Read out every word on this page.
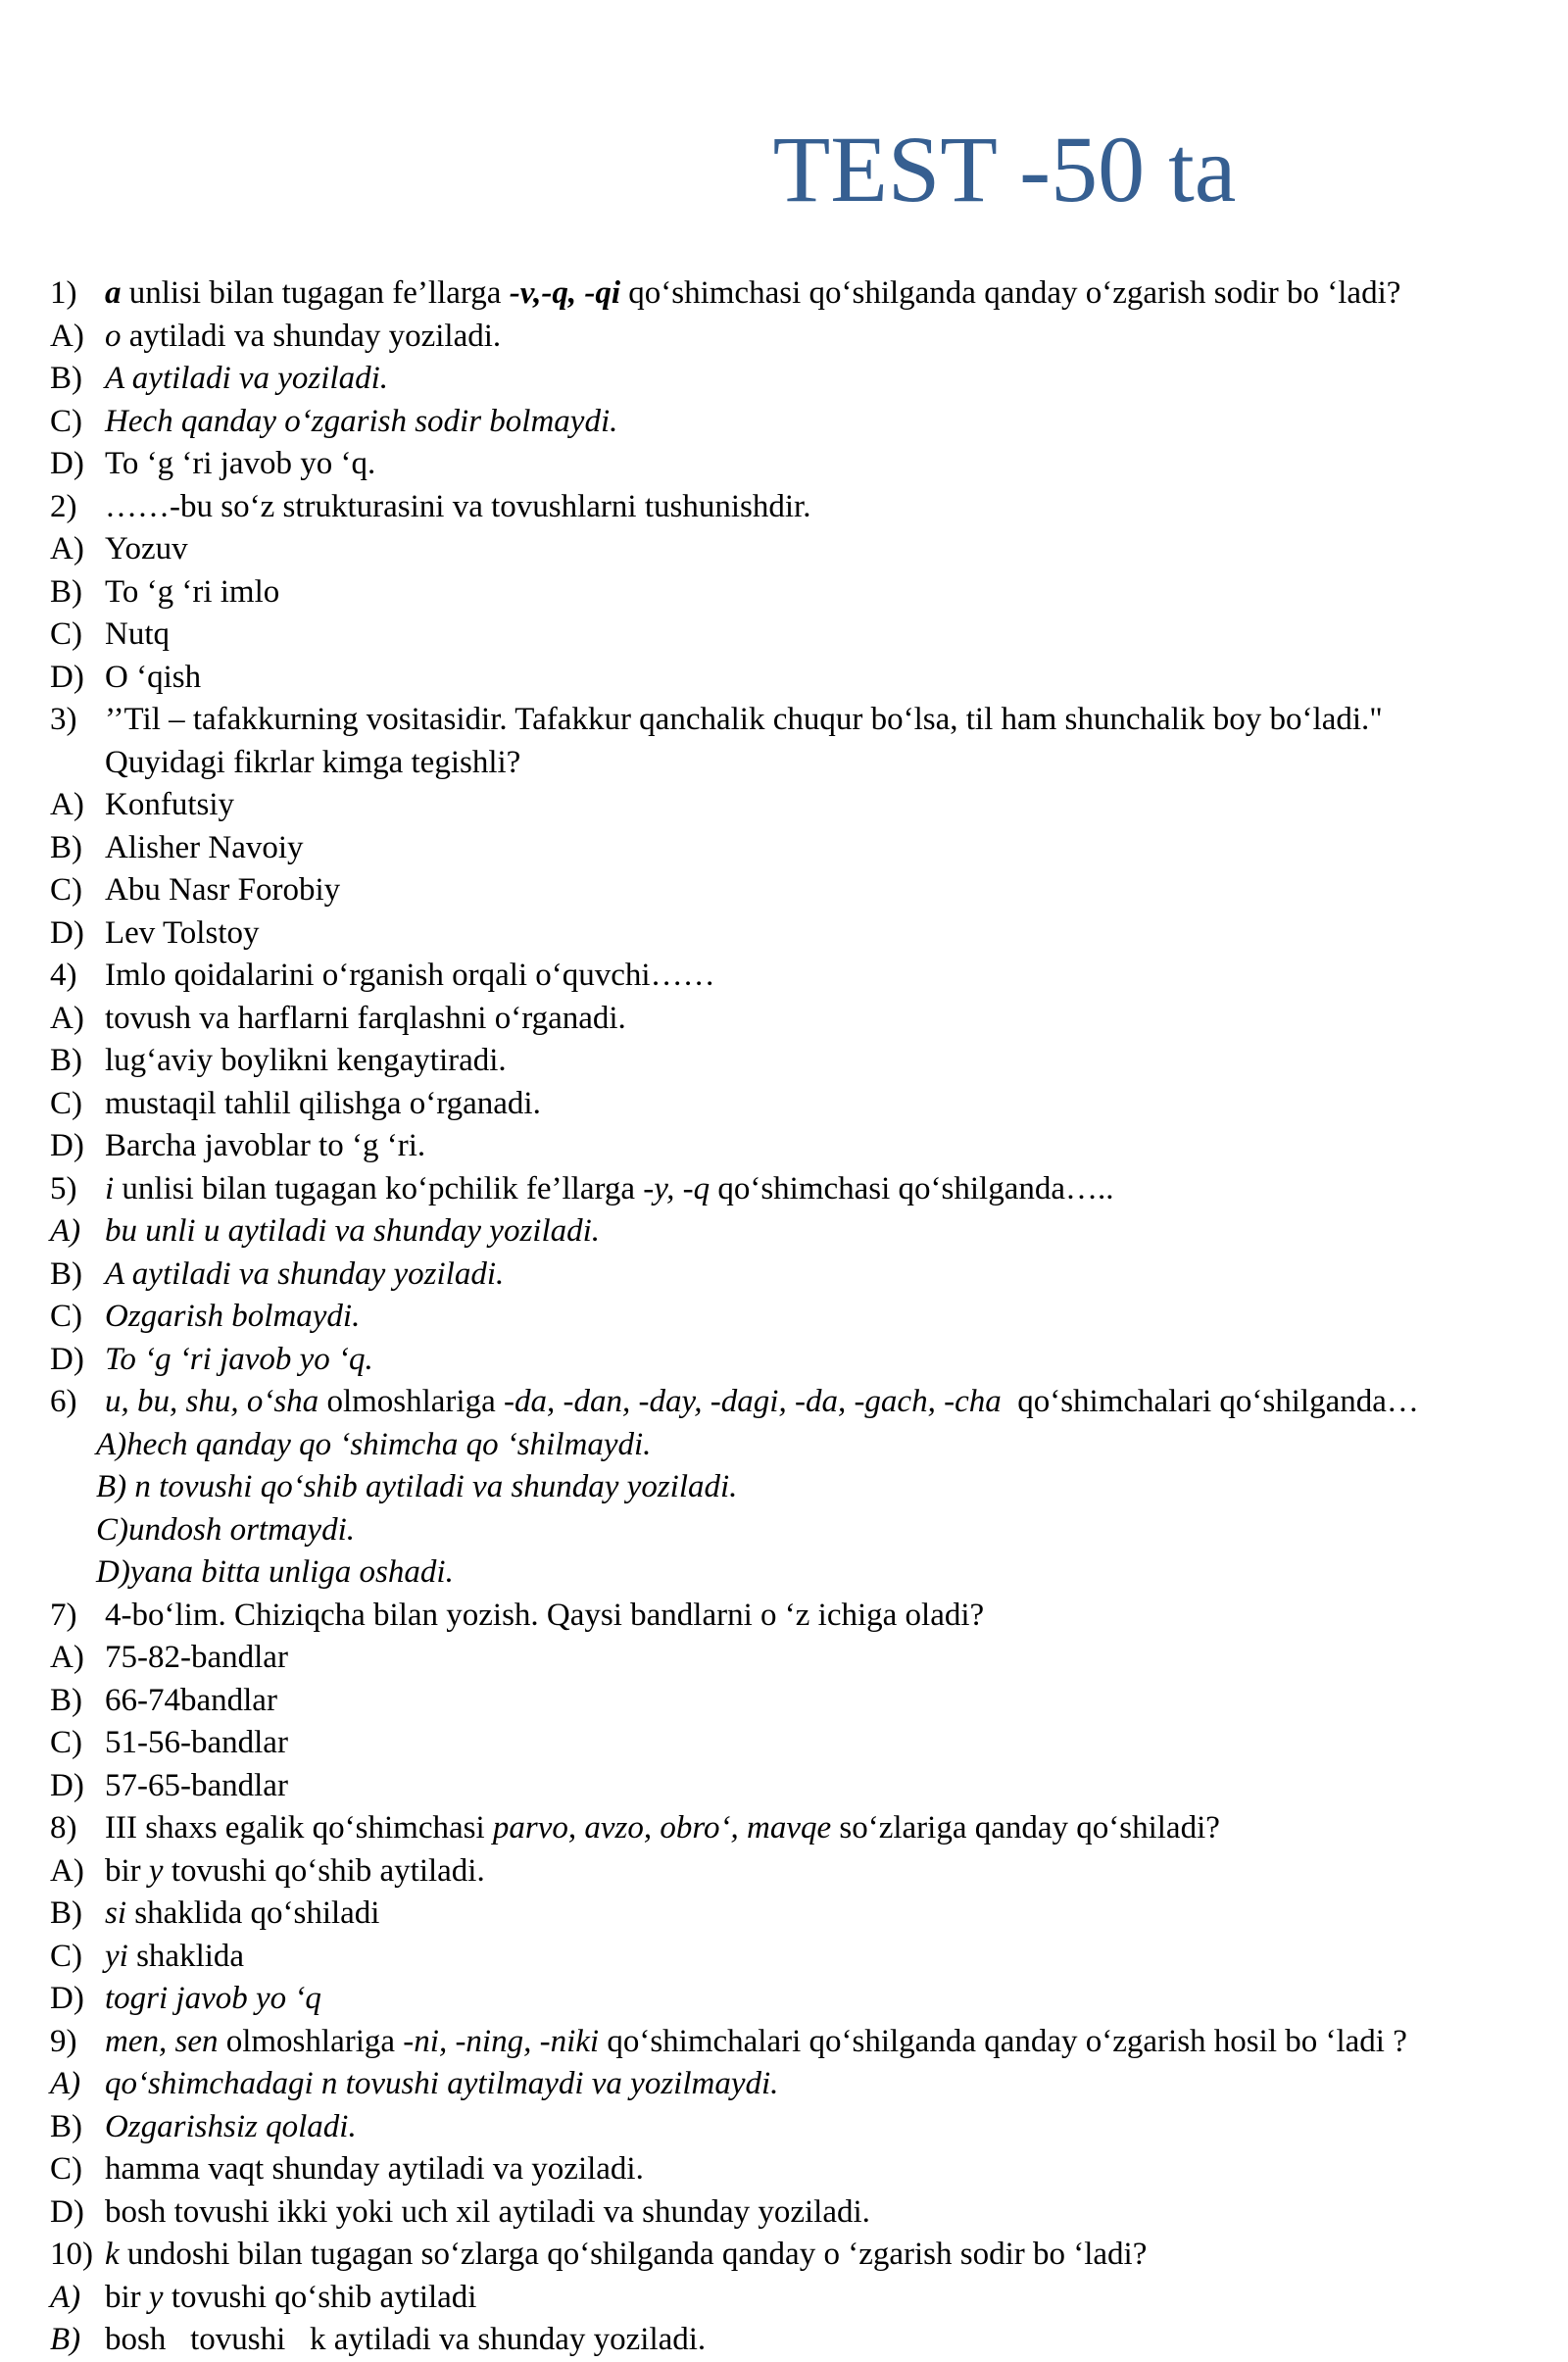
TEST -50 ta
1) a unlisi bilan tugagan fe’llarga -v,-q, -qi qo‘shimchasi qo‘shilganda qanday o‘zgarish sodir bo ‘ladi?
A) o aytiladi va shunday yoziladi.
B) A aytiladi va yoziladi.
C) Hech qanday o‘zgarish sodir bolmaydi.
D) To ‘g ‘ri javob yo ‘q.
2) ……-bu so‘z strukturasini va tovushlarni tushunishdir.
A) Yozuv
B) To ‘g ‘ri imlo
C) Nutq
D) O ‘qish
3) ’’Til – tafakkurning vositasidir. Tafakkur qanchalik chuqur bo‘lsa, til ham shunchalik boy bo‘ladi."
Quyidagi fikrlar kimga tegishli?
A) Konfutsiy
B) Alisher Navoiy
C) Abu Nasr Forobiy
D) Lev Tolstoy
4) Imlo qoidalarini o‘rganish orqali o‘quvchi……
A) tovush va harflarni farqlashni o‘rganadi.
B) lug‘aviy boylikni kengaytiradi.
C) mustaqil tahlil qilishga o‘rganadi.
D) Barcha javoblar to ‘g ‘ri.
5) i unlisi bilan tugagan ko‘pchilik fe’llarga -y, -q qo‘shimchasi qo‘shilganda…..
A) bu unli u aytiladi va shunday yoziladi.
B) A aytiladi va shunday yoziladi.
C) Ozgarish bolmaydi.
D) To ‘g ‘ri javob yo ‘q.
6) u, bu, shu, o‘sha olmoshlariga -da, -dan, -day, -dagi, -da, -gach, -cha  qo‘shimchalari qo‘shilganda…
A)hech qanday qo ‘shimcha qo ‘shilmaydi.
B) n tovushi qo‘shib aytiladi va shunday yoziladi.
C)undosh ortmaydi.
D)yana bitta unliga oshadi.
7) 4-bo‘lim. Chiziqcha bilan yozish. Qaysi bandlarni o ‘z ichiga oladi?
A) 75-82-bandlar
B) 66-74bandlar
C) 51-56-bandlar
D) 57-65-bandlar
8) III shaxs egalik qo‘shimchasi parvo, avzo, obro‘, mavqe so‘zlariga qanday qo‘shiladi?
A) bir y tovushi qo‘shib aytiladi.
B) si shaklida qo‘shiladi
C) yi shaklida
D) togri javob yo ‘q
9) men, sen olmoshlariga -ni, -ning, -niki qo‘shimchalari qo‘shilganda qanday o‘zgarish hosil bo ‘ladi ?
A) qo‘shimchadagi n tovushi aytilmaydi va yozilmaydi.
B) Ozgarishsiz qoladi.
C) hamma vaqt shunday aytiladi va yoziladi.
D) bosh tovushi ikki yoki uch xil aytiladi va shunday yoziladi.
10) k undoshi bilan tugagan so‘zlarga qo‘shilganda qanday o ‘zgarish sodir bo ‘ladi?
A) bir y tovushi qo‘shib aytiladi
B) bosh   tovushi   k aytiladi va shunday yoziladi.
